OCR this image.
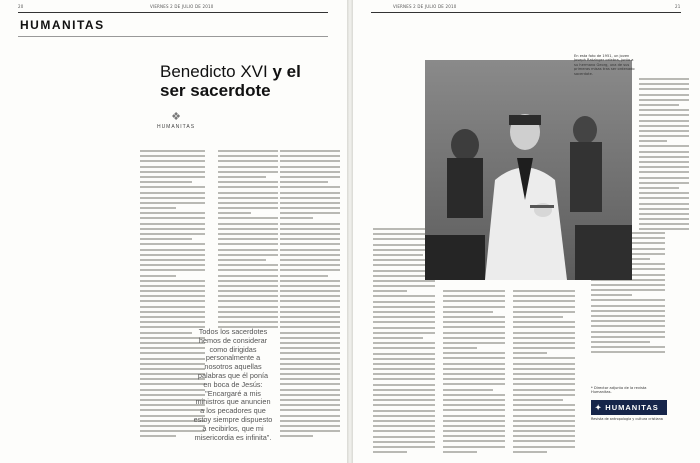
20	VIERNES 2 DE JULIO DE 2010
HUMANITAS
Benedicto XVI y el
ser sacerdote
❖
HUMANITAS
Todos los sacerdotes hemos de considerar como dirigidas personalmente a nosotros aquellas palabras que él ponía en boca de Jesús: "Encargaré a mis ministros que anuncien a los pecadores que estoy siempre dispuesto a recibirlos, que mi misericordia es infinita".
VIERNES 2 DE JULIO DE 2010	21
En esta foto de 1951, un joven Joseph Ratzinger celebra, junto a su hermano Georg, una de sus primeras misas tras ser ordenado sacerdote.
* Director adjunto de la revista Humanitas.
✦ HUMANITAS
Revista de antropología y cultura cristiana
